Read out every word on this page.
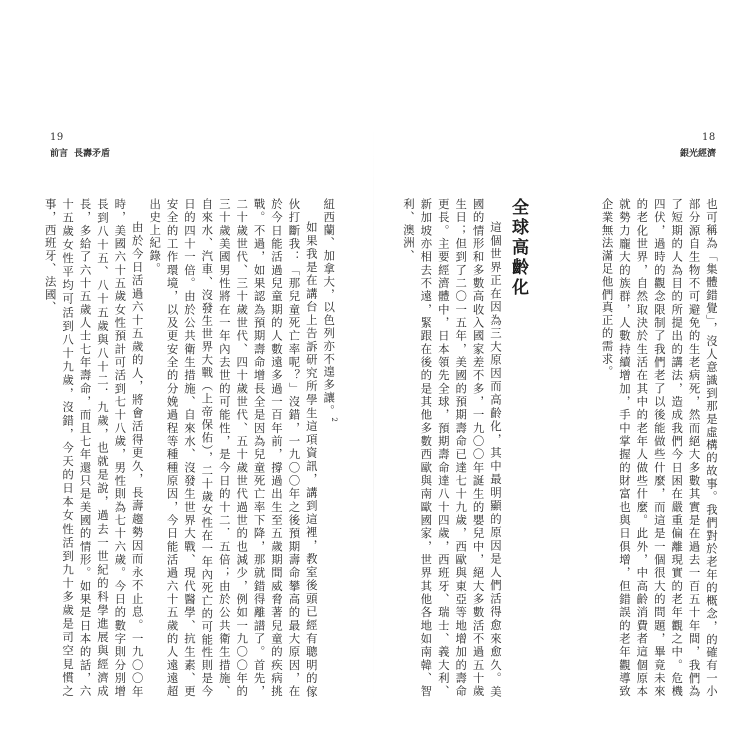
19
前言 長壽矛盾
18
銀光經濟

也可稱為「集體錯覺」，沒人意識到那是虛構的故事。我們對於老年的概念，的確有一小部分源自生物不可避免的生老病死，然而絕大多數其實是在過去一百五十年間，我們為了短期的人為目的所提出的講法，造成我們今日困在嚴重偏離現實的老年觀之中。危機四伏，過時的觀念限制了我們老了以後能做些什麼，而這是一個很大的問題，畢竟未來的老化世界，自然取決於生活在其中的老年人做些什麼。此外，中高齡消費者這個原本就勢力龐大的族群，人數持續增加，手中掌握的財富也與日俱增，但錯誤的老年觀導致企業無法滿足他們真正的需求。

全球高齡化

這個世界正在因為三大原因而高齡化，其中最明顯的原因是人們活得愈來愈久。美國的情形和多數高收入國家差不多，一九〇〇年誕生的嬰兒中，絕大多數活不過五十歲生日；但到了二〇一五年，美國的預期壽命已達七十九歲，西歐與東亞等地增加的壽命更長。主要經濟體中，日本領先全球，預期壽命達八十四歲，西班牙、瑞士、義大利、新加坡亦相去不遠，緊跟在後的是其他多數西歐與南歐國家，世界其他各地如南韓、智利、澳洲、

紐西蘭、加拿大，以色列亦不遑多讓。$^2$

如果我是在講台上告訴研究所學生這項資訊，講到這裡，教室後頭已經有聰明的傢伙打斷我：「那兒童死亡率呢？」沒錯，一九〇〇年之後預期壽命攀高的最大原因，在於今日能活過兒童期的人數遠多過一百年前，撐過出生至五歲期間威脅著兒童的疾病挑戰。不過，如果認為預期壽命增長全是因為兒童死亡率下降，那就錯得離譜了。首先，二十歲世代、三十歲世代、四十歲世代、五十歲世代過世的也減少，例如一九〇〇年的三十歲美國男性將在一年內去世的可能性，是今日的十二．五倍；由於公共衛生措施、自來水、汽車、沒發生世界大戰（上帝保佑），二十歲女性在一年內死亡的可能性則是今日的四十一倍。由於公共衛生措施、自來水、沒發生世界大戰、現代醫學、抗生素、更安全的工作環境，以及更安全的分娩過程等種種原因，今日能活過六十五歲的人遠遠超出史上紀錄。

由於今日活過六十五歲的人，將會活得更久，長壽趨勢因而永不止息。一九〇〇年時，美國六十五歲女性預計可活到七十八歲，男性則為七十六歲。今日的數字則分別增長到八十五、八十五歲與八十二．九歲，也就是說，過去一世紀的科學進展與經濟成長，多給了六十五歲人士七年壽命，而且七年還只是美國的情形。如果是日本的話，六十五歲女性平均可活到八十九歲，沒錯，今天的日本女性活到九十多歲是司空見慣之事，西班牙、法國、
